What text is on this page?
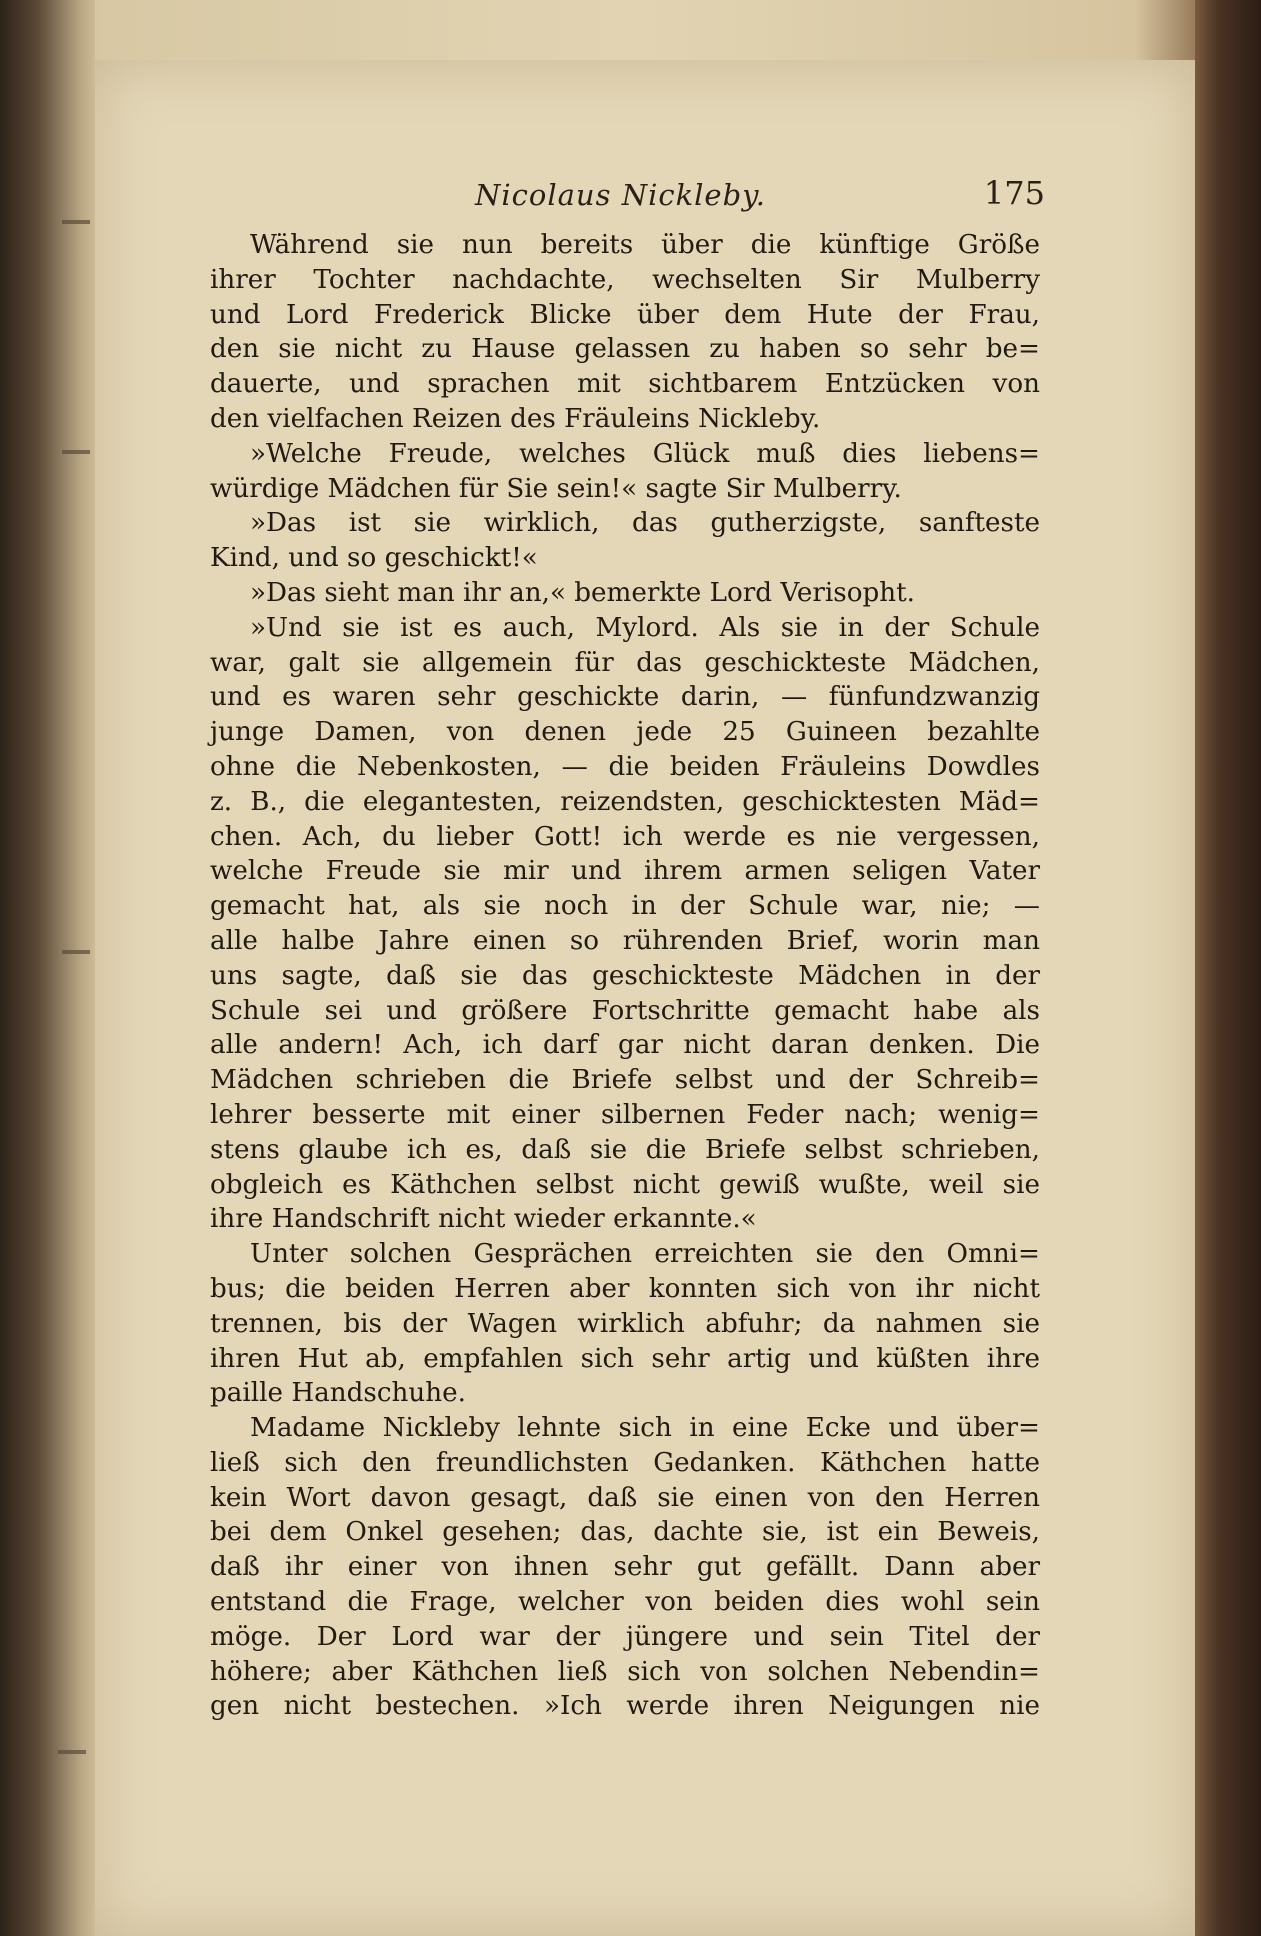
Nicolaus Nickleby.	175
Während sie nun bereits über die künftige Größe
ihrer Tochter nachdachte, wechselten Sir Mulberry
und Lord Frederick Blicke über dem Hute der Frau,
den sie nicht zu Hause gelassen zu haben so sehr be=
dauerte, und sprachen mit sichtbarem Entzücken von
den vielfachen Reizen des Fräuleins Nickleby.
»Welche Freude, welches Glück muß dies liebens=
würdige Mädchen für Sie sein!« sagte Sir Mulberry.
»Das ist sie wirklich, das gutherzigste, sanfteste
Kind, und so geschickt!«
»Das sieht man ihr an,« bemerkte Lord Verisopht.
»Und sie ist es auch, Mylord. Als sie in der Schule
war, galt sie allgemein für das geschickteste Mädchen,
und es waren sehr geschickte darin, — fünfundzwanzig
junge Damen, von denen jede 25 Guineen bezahlte
ohne die Nebenkosten, — die beiden Fräuleins Dowdles
z. B., die elegantesten, reizendsten, geschicktesten Mäd=
chen. Ach, du lieber Gott! ich werde es nie vergessen,
welche Freude sie mir und ihrem armen seligen Vater
gemacht hat, als sie noch in der Schule war, nie; —
alle halbe Jahre einen so rührenden Brief, worin man
uns sagte, daß sie das geschickteste Mädchen in der
Schule sei und größere Fortschritte gemacht habe als
alle andern! Ach, ich darf gar nicht daran denken. Die
Mädchen schrieben die Briefe selbst und der Schreib=
lehrer besserte mit einer silbernen Feder nach; wenig=
stens glaube ich es, daß sie die Briefe selbst schrieben,
obgleich es Käthchen selbst nicht gewiß wußte, weil sie
ihre Handschrift nicht wieder erkannte.«
Unter solchen Gesprächen erreichten sie den Omni=
bus; die beiden Herren aber konnten sich von ihr nicht
trennen, bis der Wagen wirklich abfuhr; da nahmen sie
ihren Hut ab, empfahlen sich sehr artig und küßten ihre
paille Handschuhe.
Madame Nickleby lehnte sich in eine Ecke und über=
ließ sich den freundlichsten Gedanken. Käthchen hatte
kein Wort davon gesagt, daß sie einen von den Herren
bei dem Onkel gesehen; das, dachte sie, ist ein Beweis,
daß ihr einer von ihnen sehr gut gefällt. Dann aber
entstand die Frage, welcher von beiden dies wohl sein
möge. Der Lord war der jüngere und sein Titel der
höhere; aber Käthchen ließ sich von solchen Nebendin=
gen nicht bestechen. »Ich werde ihren Neigungen nie
